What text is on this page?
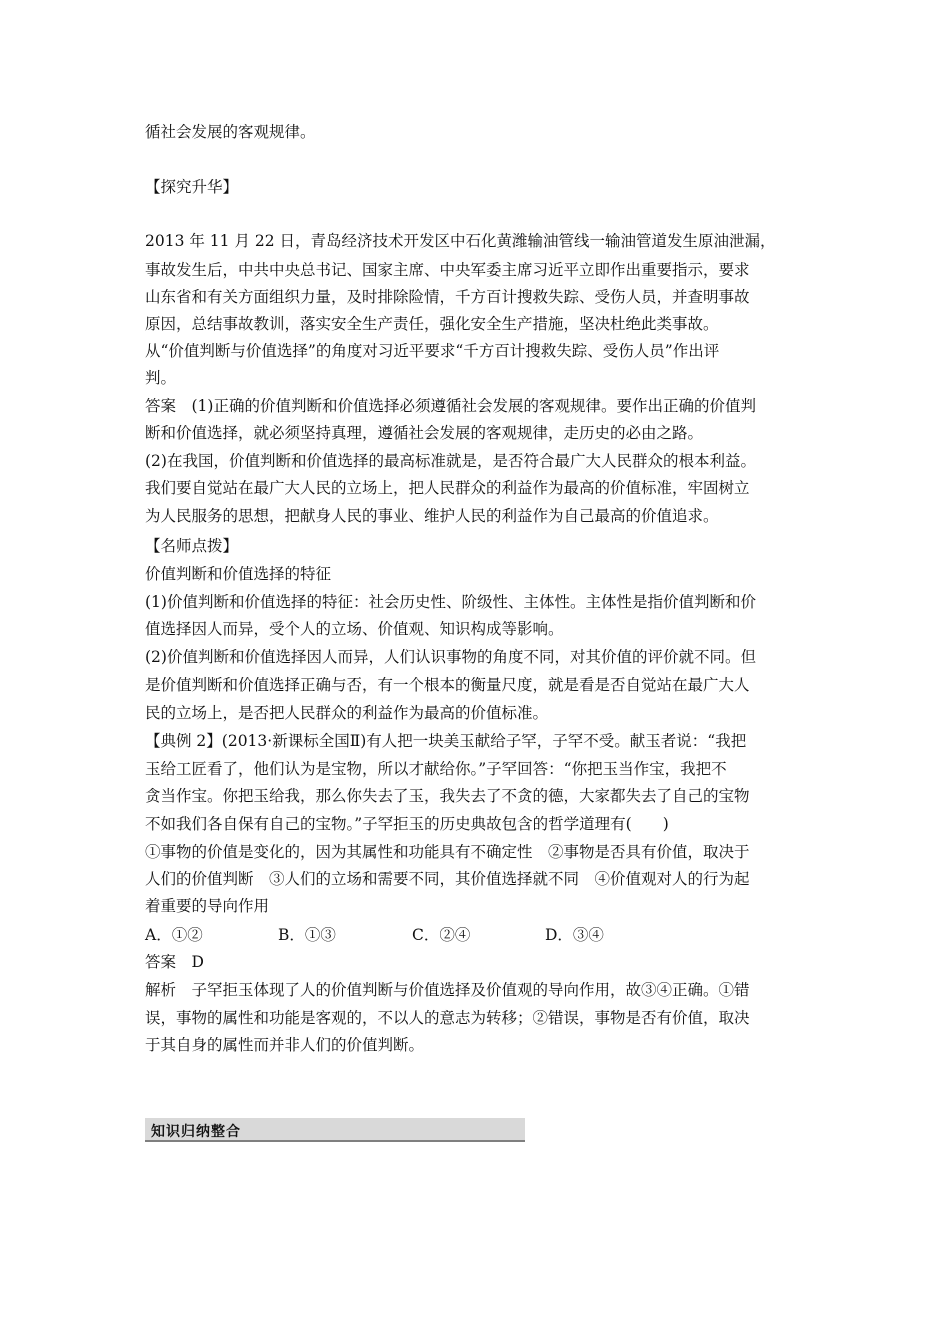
循社会发展的客观规律。
【探究升华】
2013 年 11 月 22 日，青岛经济技术开发区中石化黄潍输油管线一输油管道发生原油泄漏，
事故发生后，中共中央总书记、国家主席、中央军委主席习近平立即作出重要指示，要求
山东省和有关方面组织力量，及时排除险情，千方百计搜救失踪、受伤人员，并查明事故
原因，总结事故教训，落实安全生产责任，强化安全生产措施，坚决杜绝此类事故。
从“价值判断与价值选择”的角度对习近平要求“千方百计搜救失踪、受伤人员”作出评
判。
答案　(1)正确的价值判断和价值选择必须遵循社会发展的客观规律。要作出正确的价值判
断和价值选择，就必须坚持真理，遵循社会发展的客观规律，走历史的必由之路。
(2)在我国，价值判断和价值选择的最高标准就是，是否符合最广大人民群众的根本利益。
我们要自觉站在最广大人民的立场上，把人民群众的利益作为最高的价值标准，牢固树立
为人民服务的思想，把献身人民的事业、维护人民的利益作为自己最高的价值追求。
【名师点拨】
价值判断和价值选择的特征
(1)价值判断和价值选择的特征：社会历史性、阶级性、主体性。主体性是指价值判断和价
值选择因人而异，受个人的立场、价值观、知识构成等影响。
(2)价值判断和价值选择因人而异，人们认识事物的角度不同，对其价值的评价就不同。但
是价值判断和价值选择正确与否，有一个根本的衡量尺度，就是看是否自觉站在最广大人
民的立场上，是否把人民群众的利益作为最高的价值标准。
【典例 2】(2013·新课标全国Ⅱ)有人把一块美玉献给子罕，子罕不受。献玉者说：“我把
玉给工匠看了，他们认为是宝物，所以才献给你。”子罕回答：“你把玉当作宝，我把不
贪当作宝。你把玉给我，那么你失去了玉，我失去了不贪的德，大家都失去了自己的宝物
不如我们各自保有自己的宝物。”子罕拒玉的历史典故包含的哲学道理有(　　)
①事物的价值是变化的，因为其属性和功能具有不确定性　②事物是否具有价值，取决于
人们的价值判断　③人们的立场和需要不同，其价值选择就不同　④价值观对人的行为起
着重要的导向作用
A．①②	B．①③	C．②④	D．③④
答案　D
解析　子罕拒玉体现了人的价值判断与价值选择及价值观的导向作用，故③④正确。①错
误，事物的属性和功能是客观的，不以人的意志为转移；②错误，事物是否有价值，取决
于其自身的属性而并非人们的价值判断。
知识归纳整合
